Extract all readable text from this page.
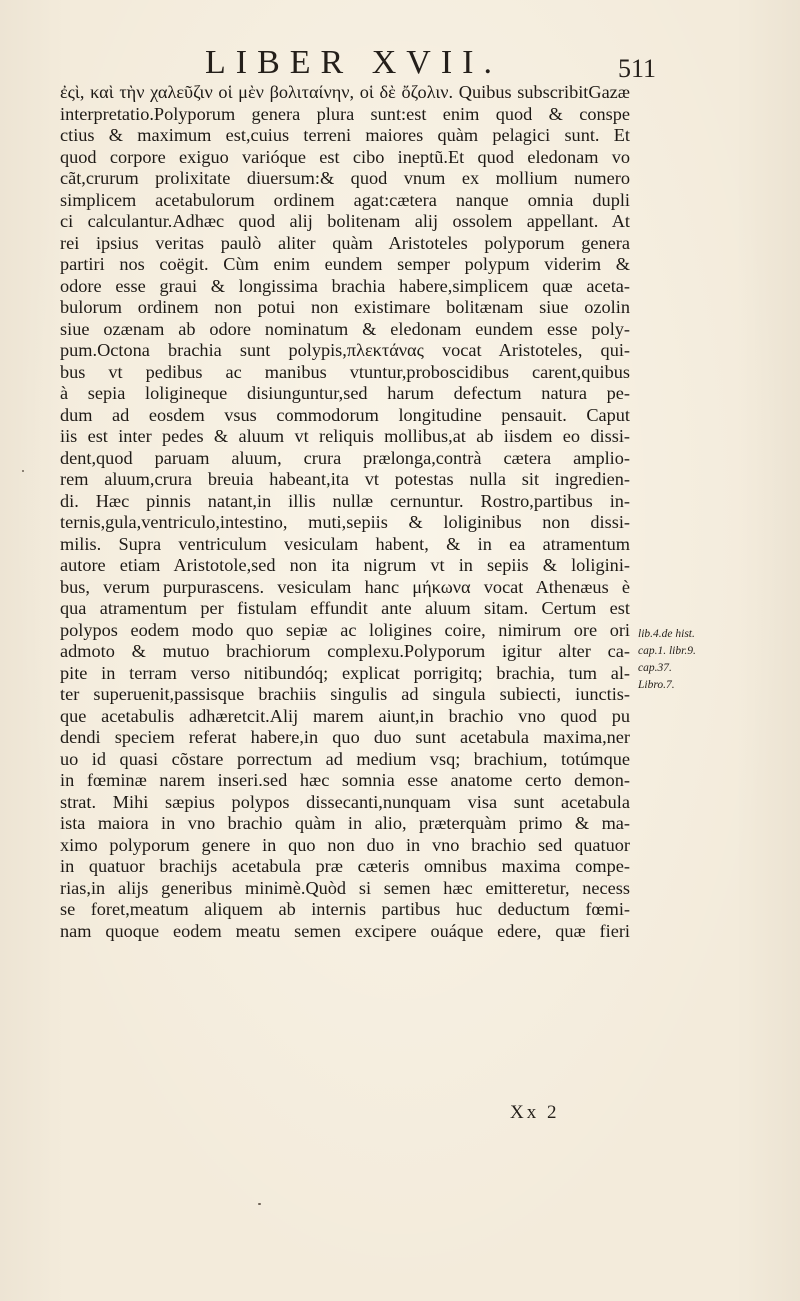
LIBER XVII.	511
ἐςὶ, καὶ τὴν χαλεῦζιν οἱ μὲν βολιταίνην, οἱ δὲ ὄζολιν. Quibus subscribitGazæ
interpretatio.Polyporum genera plura sunt:est enim quod & conspe
ctius & maximum est,cuius terreni maiores quàm pelagici sunt. Et
quod corpore exiguo varióque est cibo ineptũ.Et quod eledonam vo
cãt,crurum prolixitate diuersum:& quod vnum ex mollium numero
simplicem acetabulorum ordinem agat:cætera nanque omnia dupli
ci calculantur.Adhæc quod alij bolitenam alij ossolem appellant. At
rei ipsius veritas paulò aliter quàm Aristoteles polyporum genera
partiri nos coëgit. Cùm enim eundem semper polypum viderim &
odore esse graui & longissima brachia habere,simplicem quæ aceta-
bulorum ordinem non potui non existimare bolitænam siue ozolin
siue ozænam ab odore nominatum & eledonam eundem esse poly-
pum.Octona brachia sunt polypis,πλεκτάνας vocat Aristoteles, qui-
bus vt pedibus ac manibus vtuntur,proboscidibus carent,quibus
à sepia loligineque disiunguntur,sed harum defectum natura pe-
dum ad eosdem vsus commodorum longitudine pensauit. Caput
iis est inter pedes & aluum vt reliquis mollibus,at ab iisdem eo dissi-
dent,quod paruam aluum, crura prælonga,contrà cætera amplio-
rem aluum,crura breuia habeant,ita vt potestas nulla sit ingredien-
di. Hæc pinnis natant,in illis nullæ cernuntur. Rostro,partibus in-
ternis,gula,ventriculo,intestino, muti,sepiis & loliginibus non dissi-
milis. Supra ventriculum vesiculam habent, & in ea atramentum
autore etiam Aristotole,sed non ita nigrum vt in sepiis & loligini-
bus, verum purpurascens. vesiculam hanc μήκωνα vocat Athenæus è
qua atramentum per fistulam effundit ante aluum sitam. Certum est
polypos eodem modo quo sepiæ ac loligines coire, nimirum ore ori
admoto & mutuo brachiorum complexu.Polyporum igitur alter ca-
pite in terram verso nitibundóq; explicat porrigitq; brachia, tum al-
ter superuenit,passisque brachiis singulis ad singula subiecti, iunctis-
que acetabulis adhæretcit.Alij marem aiunt,in brachio vno quod pu
dendi speciem referat habere,in quo duo sunt acetabula maxima,ner
uo id quasi cõstare porrectum ad medium vsq; brachium, totúmque
in fœminæ narem inseri.sed hæc somnia esse anatome certo demon-
strat. Mihi sæpius polypos dissecanti,nunquam visa sunt acetabula
ista maiora in vno brachio quàm in alio, præterquàm primo & ma-
ximo polyporum genere in quo non duo in vno brachio sed quatuor
in quatuor brachijs acetabula præ cæteris omnibus maxima compe-
rias,in alijs generibus minimè.Quòd si semen hæc emitteretur, necess
se foret,meatum aliquem ab internis partibus huc deductum fœmi-
nam quoque eodem meatu semen excipere ouáque edere, quæ fieri
lib.4.de hist.
cap.1. libr.9.
cap.37.
Libro.7.
Xx 2
